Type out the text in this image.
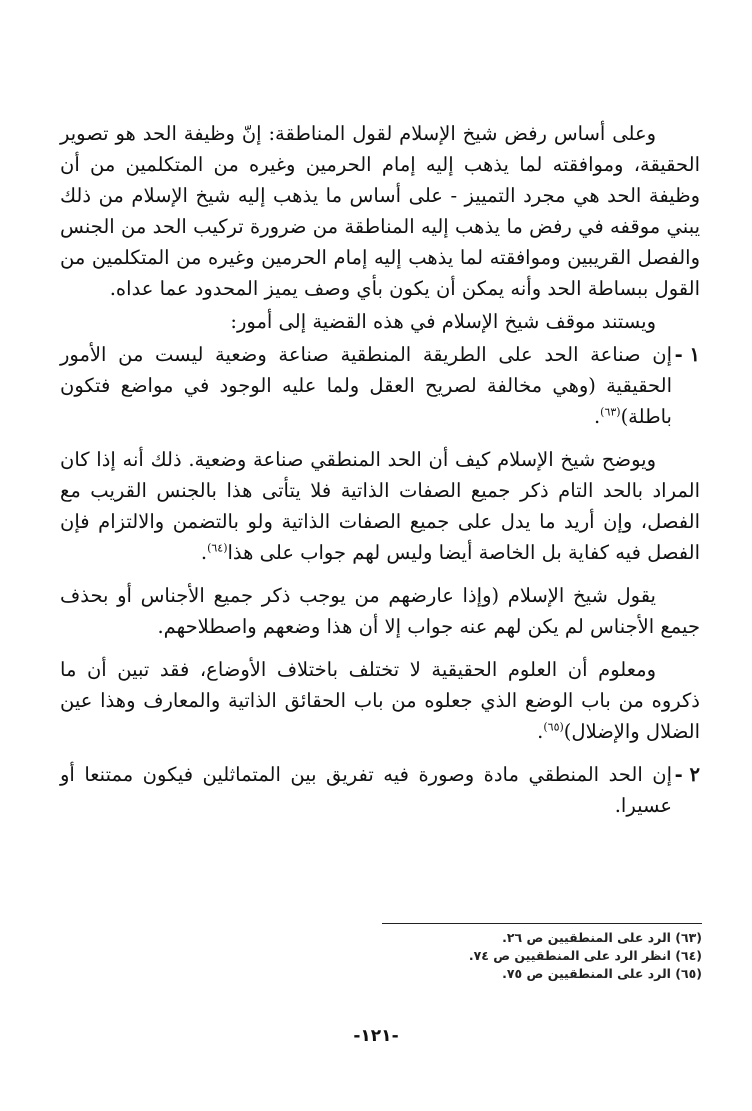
وعلى أساس رفض شيخ الإسلام لقول المناطقة: إنّ وظيفة الحد هو تصوير الحقيقة، وموافقته لما يذهب إليه إمام الحرمين وغيره من المتكلمين من أن وظيفة الحد هي مجرد التمييز - على أساس ما يذهب إليه شيخ الإسلام من ذلك يبني موقفه في رفض ما يذهب إليه المناطقة من ضرورة تركيب الحد من الجنس والفصل القريبين وموافقته لما يذهب إليه إمام الحرمين وغيره من المتكلمين من القول ببساطة الحد وأنه يمكن أن يكون بأي وصف يميز المحدود عما عداه.

ويستند موقف شيخ الإسلام في هذه القضية إلى أمور:

١ -
إن صناعة الحد على الطريقة المنطقية صناعة وضعية ليست من الأمور الحقيقية (وهي مخالفة لصريح العقل ولما عليه الوجود في مواضع فتكون باطلة)$^{(٦٣)}$.

ويوضح شيخ الإسلام كيف أن الحد المنطقي صناعة وضعية. ذلك أنه إذا كان المراد بالحد التام ذكر جميع الصفات الذاتية فلا يتأتى هذا بالجنس القريب مع الفصل، وإن أريد ما يدل على جميع الصفات الذاتية ولو بالتضمن والالتزام فإن الفصل فيه كفاية بل الخاصة أيضا وليس لهم جواب على هذا$^{(٦٤)}$.

يقول شيخ الإسلام (وإذا عارضهم من يوجب ذكر جميع الأجناس أو بحذف جيمع الأجناس لم يكن لهم عنه جواب إلا أن هذا وضعهم واصطلاحهم.

ومعلوم أن العلوم الحقيقية لا تختلف باختلاف الأوضاع، فقد تبين أن ما ذكروه من باب الوضع الذي جعلوه من باب الحقائق الذاتية والمعارف وهذا عين الضلال والإضلال)$^{(٦٥)}$.

٢ -
إن الحد المنطقي مادة وصورة فيه تفريق بين المتماثلين فيكون ممتنعا أو عسيرا.

(٦٣) الرد على المنطقيين ص ٢٦.

(٦٤) انظر الرد على المنطقيين ص ٧٤.

(٦٥) الرد على المنطقيين ص ٧٥.

-١٢١-
